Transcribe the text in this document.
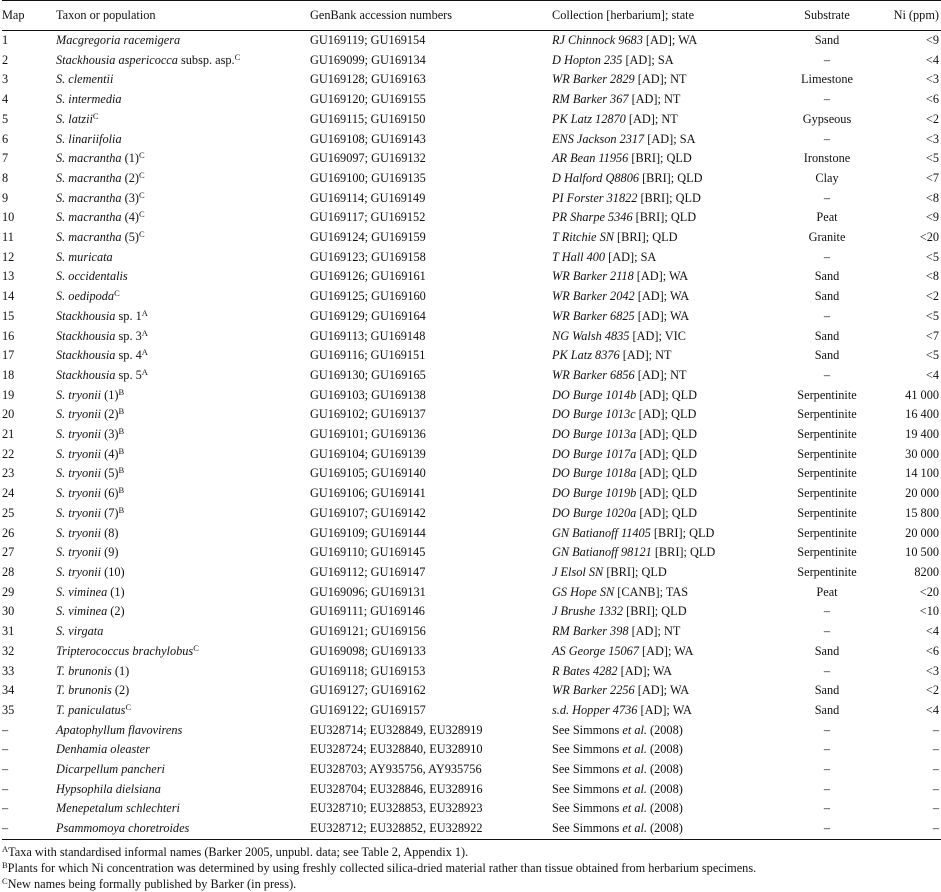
Map	Taxon or population	GenBank accession numbers	Collection [herbarium]; state	Substrate	Ni (ppm)
1	Macgregoria racemigera	GU169119; GU169154	RJ Chinnock 9683 [AD]; WA	Sand	<9
2	Stackhousia aspericocca subsp. asp.$^C$	GU169099; GU169134	D Hopton 235 [AD]; SA	–	<4
3	S. clementii	GU169128; GU169163	WR Barker 2829 [AD]; NT	Limestone	<3
4	S. intermedia	GU169120; GU169155	RM Barker 367 [AD]; NT	–	<6
5	S. latzii$^C$	GU169115; GU169150	PK Latz 12870 [AD]; NT	Gypseous	<2
6	S. linariifolia	GU169108; GU169143	ENS Jackson 2317 [AD]; SA	–	<3
7	S. macrantha $(1)^C$	GU169097; GU169132	AR Bean 11956 [BRI]; QLD	Ironstone	<5
8	S. macrantha $(2)^C$	GU169100; GU169135	D Halford Q8806 [BRI]; QLD	Clay	<7
9	S. macrantha $(3)^C$	GU169114; GU169149	PI Forster 31822 [BRI]; QLD	–	<8
10	S. macrantha $(4)^C$	GU169117; GU169152	PR Sharpe 5346 [BRI]; QLD	Peat	<9
11	S. macrantha $(5)^C$	GU169124; GU169159	T Ritchie SN [BRI]; QLD	Granite	<20
12	S. muricata	GU169123; GU169158	T Hall 400 [AD]; SA	–	<5
13	S. occidentalis	GU169126; GU169161	WR Barker 2118 [AD]; WA	Sand	<8
14	S. oedipoda$^C$	GU169125; GU169160	WR Barker 2042 [AD]; WA	Sand	<2
15	Stackhousia sp. $1^A$	GU169129; GU169164	WR Barker 6825 [AD]; WA	–	<5
16	Stackhousia sp. $3^A$	GU169113; GU169148	NG Walsh 4835 [AD]; VIC	Sand	<7
17	Stackhousia sp. $4^A$	GU169116; GU169151	PK Latz 8376 [AD]; NT	Sand	<5
18	Stackhousia sp. $5^A$	GU169130; GU169165	WR Barker 6856 [AD]; NT	–	<4
19	S. tryonii $(1)^B$	GU169103; GU169138	DO Burge 1014b [AD]; QLD	Serpentinite	41 000
20	S. tryonii $(2)^B$	GU169102; GU169137	DO Burge 1013c [AD]; QLD	Serpentinite	16 400
21	S. tryonii $(3)^B$	GU169101; GU169136	DO Burge 1013a [AD]; QLD	Serpentinite	19 400
22	S. tryonii $(4)^B$	GU169104; GU169139	DO Burge 1017a [AD]; QLD	Serpentinite	30 000
23	S. tryonii $(5)^B$	GU169105; GU169140	DO Burge 1018a [AD]; QLD	Serpentinite	14 100
24	S. tryonii $(6)^B$	GU169106; GU169141	DO Burge 1019b [AD]; QLD	Serpentinite	20 000
25	S. tryonii $(7)^B$	GU169107; GU169142	DO Burge 1020a [AD]; QLD	Serpentinite	15 800
26	S. tryonii (8)	GU169109; GU169144	GN Batianoff 11405 [BRI]; QLD	Serpentinite	20 000
27	S. tryonii (9)	GU169110; GU169145	GN Batianoff 98121 [BRI]; QLD	Serpentinite	10 500
28	S. tryonii (10)	GU169112; GU169147	J Elsol SN [BRI]; QLD	Serpentinite	8200
29	S. viminea (1)	GU169096; GU169131	GS Hope SN [CANB]; TAS	Peat	<20
30	S. viminea (2)	GU169111; GU169146	J Brushe 1332 [BRI]; QLD	–	<10
31	S. virgata	GU169121; GU169156	RM Barker 398 [AD]; NT	–	<4
32	Tripterococcus brachylobus$^C$	GU169098; GU169133	AS George 15067 [AD]; WA	Sand	<6
33	T. brunonis (1)	GU169118; GU169153	R Bates 4282 [AD]; WA	–	<3
34	T. brunonis (2)	GU169127; GU169162	WR Barker 2256 [AD]; WA	Sand	<2
35	T. paniculatus$^C$	GU169122; GU169157	s.d. Hopper 4736 [AD]; WA	Sand	<4
–	Apatophyllum flavovirens	EU328714; EU328849, EU328919	See Simmons et al. (2008)	–	–
–	Denhamia oleaster	EU328724; EU328840, EU328910	See Simmons et al. (2008)	–	–
–	Dicarpellum pancheri	EU328703; AY935756, AY935756	See Simmons et al. (2008)	–	–
–	Hypsophila dielsiana	EU328704; EU328846, EU328916	See Simmons et al. (2008)	–	–
–	Menepetalum schlechteri	EU328710; EU328853, EU328923	See Simmons et al. (2008)	–	–
–	Psammomoya choretroides	EU328712; EU328852, EU328922	See Simmons et al. (2008)	–	–
$^A$Taxa with standardised informal names (Barker 2005, unpubl. data; see Table 2, Appendix 1).
$^B$Plants for which Ni concentration was determined by using freshly collected silica-dried material rather than tissue obtained from herbarium specimens.
$^C$New names being formally published by Barker (in press).
